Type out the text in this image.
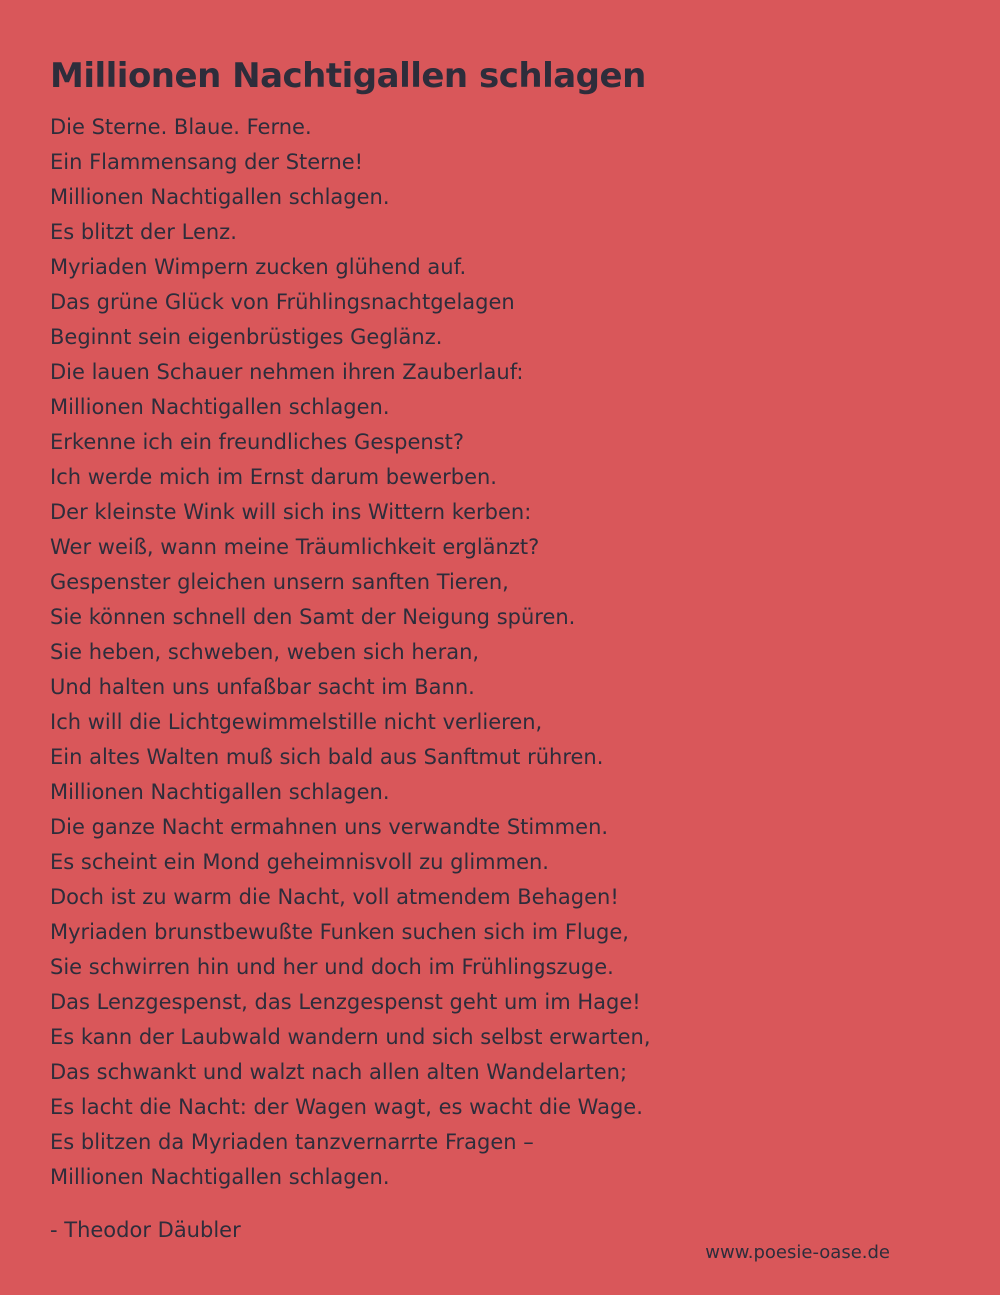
Millionen Nachtigallen schlagen
Die Sterne. Blaue. Ferne.
Ein Flammensang der Sterne!
Millionen Nachtigallen schlagen.
Es blitzt der Lenz.
Myriaden Wimpern zucken glühend auf.
Das grüne Glück von Frühlingsnachtgelagen
Beginnt sein eigenbrüstiges Geglänz.
Die lauen Schauer nehmen ihren Zauberlauf:
Millionen Nachtigallen schlagen.
Erkenne ich ein freundliches Gespenst?
Ich werde mich im Ernst darum bewerben.
Der kleinste Wink will sich ins Wittern kerben:
Wer weiß, wann meine Träumlichkeit erglänzt?
Gespenster gleichen unsern sanften Tieren,
Sie können schnell den Samt der Neigung spüren.
Sie heben, schweben, weben sich heran,
Und halten uns unfaßbar sacht im Bann.
Ich will die Lichtgewimmelstille nicht verlieren,
Ein altes Walten muß sich bald aus Sanftmut rühren.
Millionen Nachtigallen schlagen.
Die ganze Nacht ermahnen uns verwandte Stimmen.
Es scheint ein Mond geheimnisvoll zu glimmen.
Doch ist zu warm die Nacht, voll atmendem Behagen!
Myriaden brunstbewußte Funken suchen sich im Fluge,
Sie schwirren hin und her und doch im Frühlingszuge.
Das Lenzgespenst, das Lenzgespenst geht um im Hage!
Es kann der Laubwald wandern und sich selbst erwarten,
Das schwankt und walzt nach allen alten Wandelarten;
Es lacht die Nacht: der Wagen wagt, es wacht die Wage.
Es blitzen da Myriaden tanzvernarrte Fragen –
Millionen Nachtigallen schlagen.
- Theodor Däubler
www.poesie-oase.de
